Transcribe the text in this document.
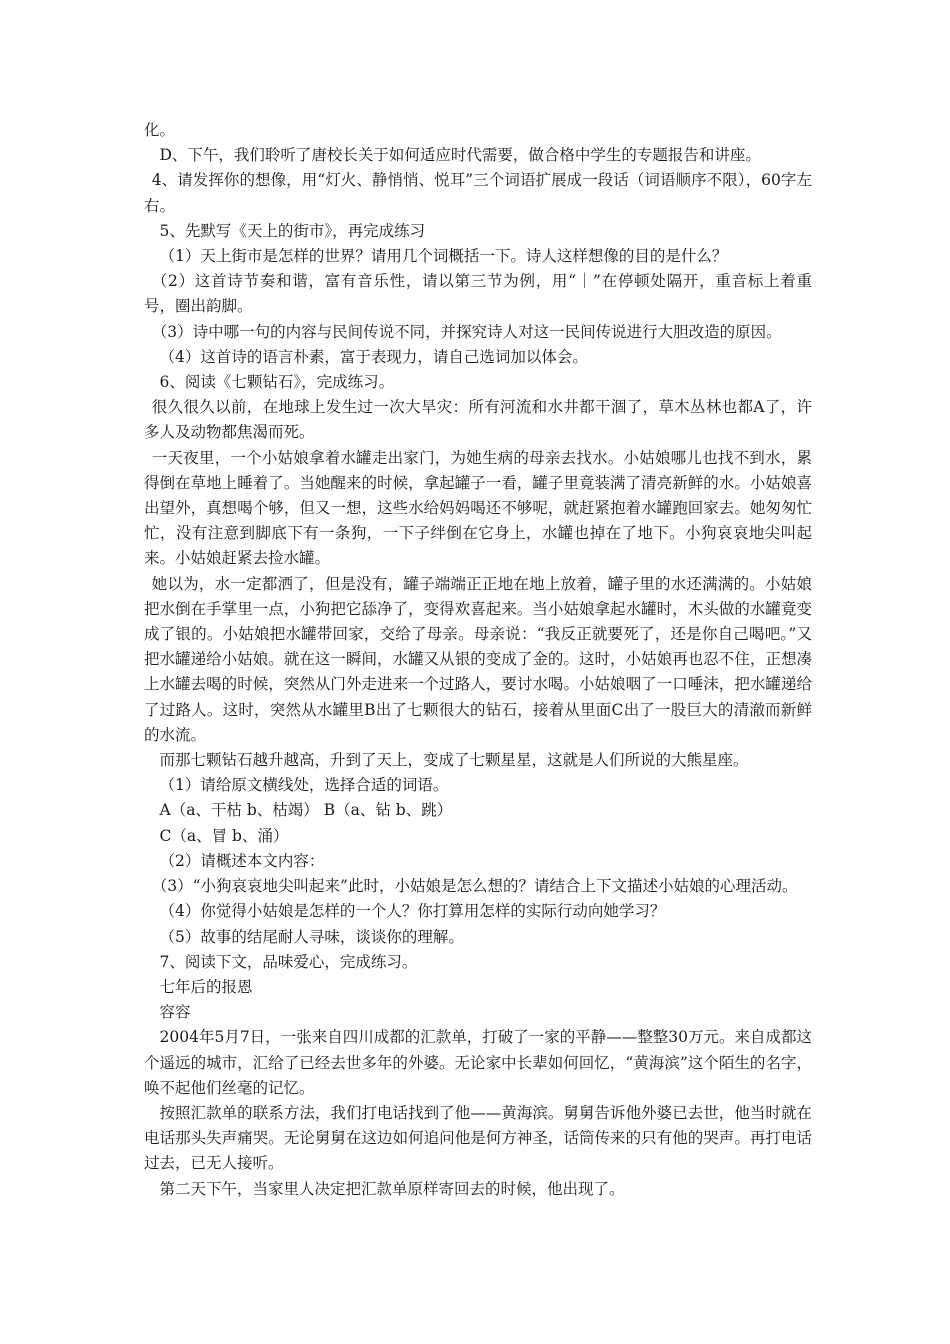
化。

D、下午，我们聆听了唐校长关于如何适应时代需要，做合格中学生的专题报告和讲座。

4、请发挥你的想像，用“灯火、静悄悄、悦耳”三个词语扩展成一段话（词语顺序不限），60字左右。

5、先默写《天上的街市》，再完成练习

（1）天上街市是怎样的世界？请用几个词概括一下。诗人这样想像的目的是什么？

（2）这首诗节奏和谐，富有音乐性，请以第三节为例，用“｜”在停顿处隔开，重音标上着重号，圈出韵脚。

（3）诗中哪一句的内容与民间传说不同，并探究诗人对这一民间传说进行大胆改造的原因。

（4）这首诗的语言朴素，富于表现力，请自己选词加以体会。

6、阅读《七颗钻石》，完成练习。

很久很久以前，在地球上发生过一次大旱灾：所有河流和水井都干涸了，草木丛林也都A了，许多人及动物都焦渴而死。

一天夜里，一个小姑娘拿着水罐走出家门，为她生病的母亲去找水。小姑娘哪儿也找不到水，累得倒在草地上睡着了。当她醒来的时候，拿起罐子一看，罐子里竟装满了清亮新鲜的水。小姑娘喜出望外，真想喝个够，但又一想，这些水给妈妈喝还不够呢，就赶紧抱着水罐跑回家去。她匆匆忙忙，没有注意到脚底下有一条狗，一下子绊倒在它身上，水罐也掉在了地下。小狗哀哀地尖叫起来。小姑娘赶紧去捡水罐。

她以为，水一定都洒了，但是没有，罐子端端正正地在地上放着，罐子里的水还满满的。小姑娘把水倒在手掌里一点，小狗把它舔净了，变得欢喜起来。当小姑娘拿起水罐时，木头做的水罐竟变成了银的。小姑娘把水罐带回家，交给了母亲。母亲说：“我反正就要死了，还是你自己喝吧。”又把水罐递给小姑娘。就在这一瞬间，水罐又从银的变成了金的。这时，小姑娘再也忍不住，正想凑上水罐去喝的时候，突然从门外走进来一个过路人，要讨水喝。小姑娘咽了一口唾沫，把水罐递给了过路人。这时，突然从水罐里B出了七颗很大的钻石，接着从里面C出了一股巨大的清澈而新鲜的水流。

而那七颗钻石越升越高，升到了天上，变成了七颗星星，这就是人们所说的大熊星座。

（1）请给原文横线处，选择合适的词语。

A（a、干枯 b、枯竭） B（a、钻 b、跳）

C（a、冒 b、涌）

（2）请概述本文内容：

（3）“小狗哀哀地尖叫起来”此时，小姑娘是怎么想的？请结合上下文描述小姑娘的心理活动。

（4）你觉得小姑娘是怎样的一个人？你打算用怎样的实际行动向她学习？

（5）故事的结尾耐人寻味，谈谈你的理解。

7、阅读下文，品味爱心，完成练习。

七年后的报恩

容容

2004年5月7日，一张来自四川成都的汇款单，打破了一家的平静——整整30万元。来自成都这个遥远的城市，汇给了已经去世多年的外婆。无论家中长辈如何回忆，“黄海滨”这个陌生的名字，唤不起他们丝毫的记忆。

按照汇款单的联系方法，我们打电话找到了他——黄海滨。舅舅告诉他外婆已去世，他当时就在电话那头失声痛哭。无论舅舅在这边如何追问他是何方神圣，话筒传来的只有他的哭声。再打电话过去，已无人接听。

第二天下午，当家里人决定把汇款单原样寄回去的时候，他出现了。
